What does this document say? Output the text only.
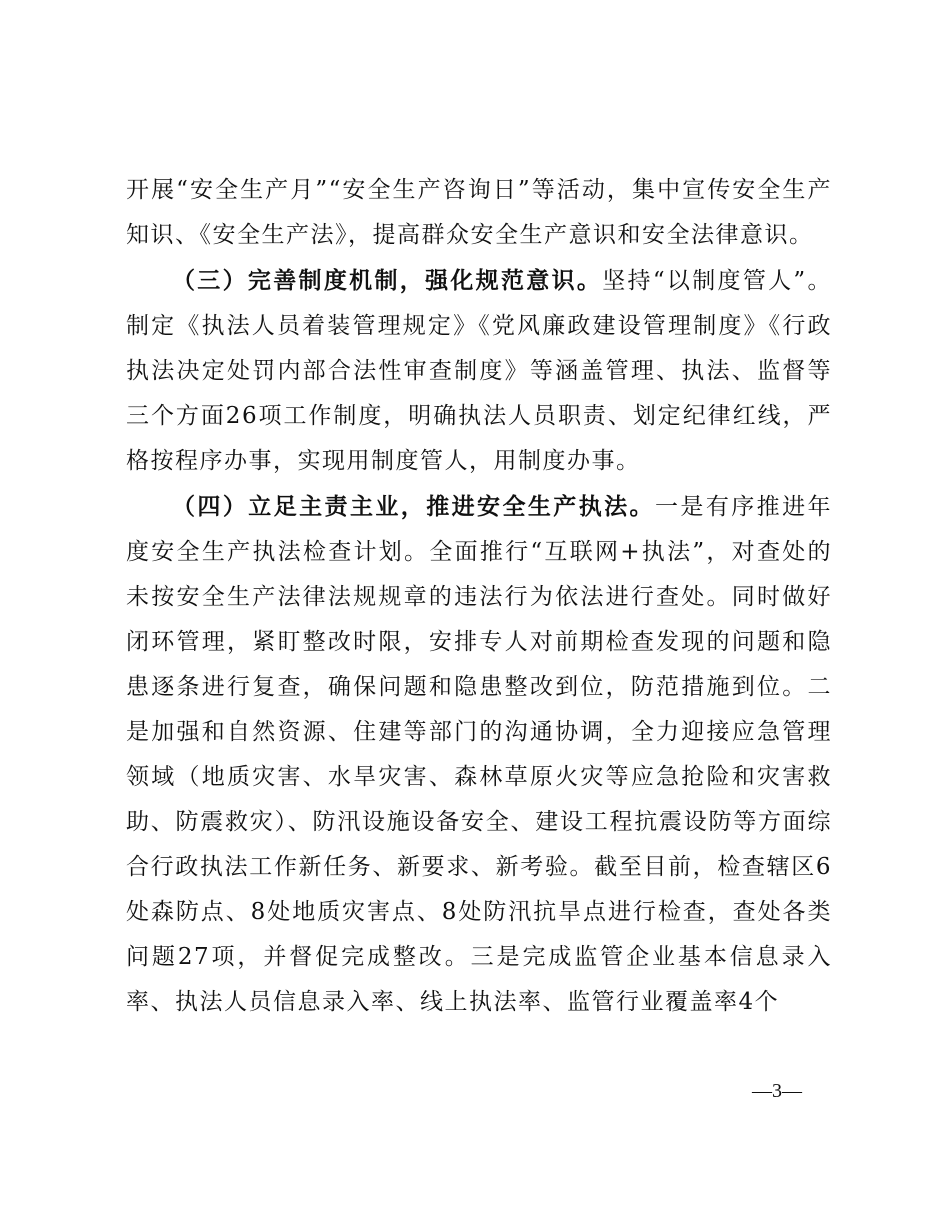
开展“安全生产月”“安全生产咨询日”等活动，集中宣传安全生产知识、《安全生产法》，提高群众安全生产意识和安全法律意识。

（三）完善制度机制，强化规范意识。坚持“以制度管人”。制定《执法人员着装管理规定》《党风廉政建设管理制度》《行政执法决定处罚内部合法性审查制度》等涵盖管理、执法、监督等三个方面26项工作制度，明确执法人员职责、划定纪律红线，严格按程序办事，实现用制度管人，用制度办事。

（四）立足主责主业，推进安全生产执法。一是有序推进年度安全生产执法检查计划。全面推行“互联网+执法”，对查处的未按安全生产法律法规规章的违法行为依法进行查处。同时做好闭环管理，紧盯整改时限，安排专人对前期检查发现的问题和隐患逐条进行复查，确保问题和隐患整改到位，防范措施到位。二是加强和自然资源、住建等部门的沟通协调，全力迎接应急管理领域（地质灾害、水旱灾害、森林草原火灾等应急抢险和灾害救助、防震救灾）、防汛设施设备安全、建设工程抗震设防等方面综合行政执法工作新任务、新要求、新考验。截至目前，检查辖区6处森防点、8处地质灾害点、8处防汛抗旱点进行检查，查处各类问题27项，并督促完成整改。三是完成监管企业基本信息录入率、执法人员信息录入率、线上执法率、监管行业覆盖率4个

—3—
